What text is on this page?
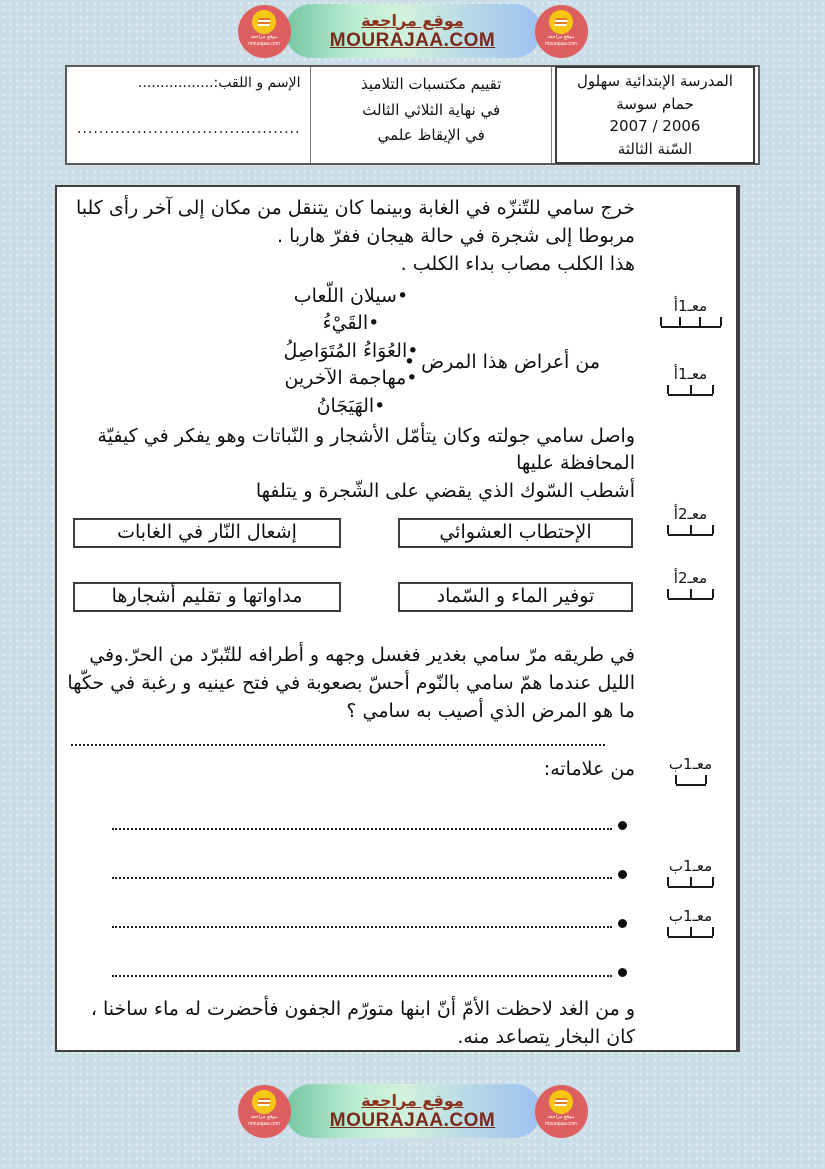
موقع مراجعة
mourajaa.com
موقع مراجعة
MOURAJAA.COM	موقع مراجعة
mourajaa.com
المدرسة الإبتدائية سهلول
حمام سوسة
2006 / 2007
السّنة الثالثة
تقييم مكتسبات التلاميذ
في نهاية الثلاثي الثالث
في الإيقاظ علمي
الإسم و اللقب:.................
.........................................
خرج سامي للتّنزّه في الغابة وبينما كان يتنقل من مكان إلى آخر رأى كلبا مربوطا إلى شجرة في حالة هيجان ففرّ هاربا .
هذا الكلب مصاب بداء الكلب .
من أعراض هذا المرض •
• سيلان اللّعاب
• القَيْءُ
• العُوَاءُ المُتَوَاصِلُ
• مهاجمة الآخرين
• الهَيَجَانُ
واصل سامي جولته وكان يتأمّل الأشجار و النّباتات وهو يفكر في كيفيّة المحافظة عليها
أشطب السّوك الذي يقضي على الشّجرة و يتلفها
الإحتطاب العشوائي
إشعال النّار في الغابات
توفير الماء و السّماد
مداواتها و تقليم أشجارها
في طريقه مرّ سامي بغدير فغسل وجهه و أطرافه للتّبرّد من الحرّ.وفي الليل عندما همّ سامي بالنّوم أحسّ بصعوبة في فتح عينيه و رغبة في حكّها
ما هو المرض الذي أصيب به سامي ؟
من علاماته:
و من الغد لاحظت الأمّ أنّ ابنها متورّم الجفون فأحضرت له ماء ساخنا ، كان البخار يتصاعد منه.
معـ1أ
معـ1أ
معـ2أ
معـ2أ
معـ1ب
معـ1ب
معـ1ب
موقع مراجعة
mourajaa.com
موقع مراجعة
MOURAJAA.COM	موقع مراجعة
mourajaa.com
